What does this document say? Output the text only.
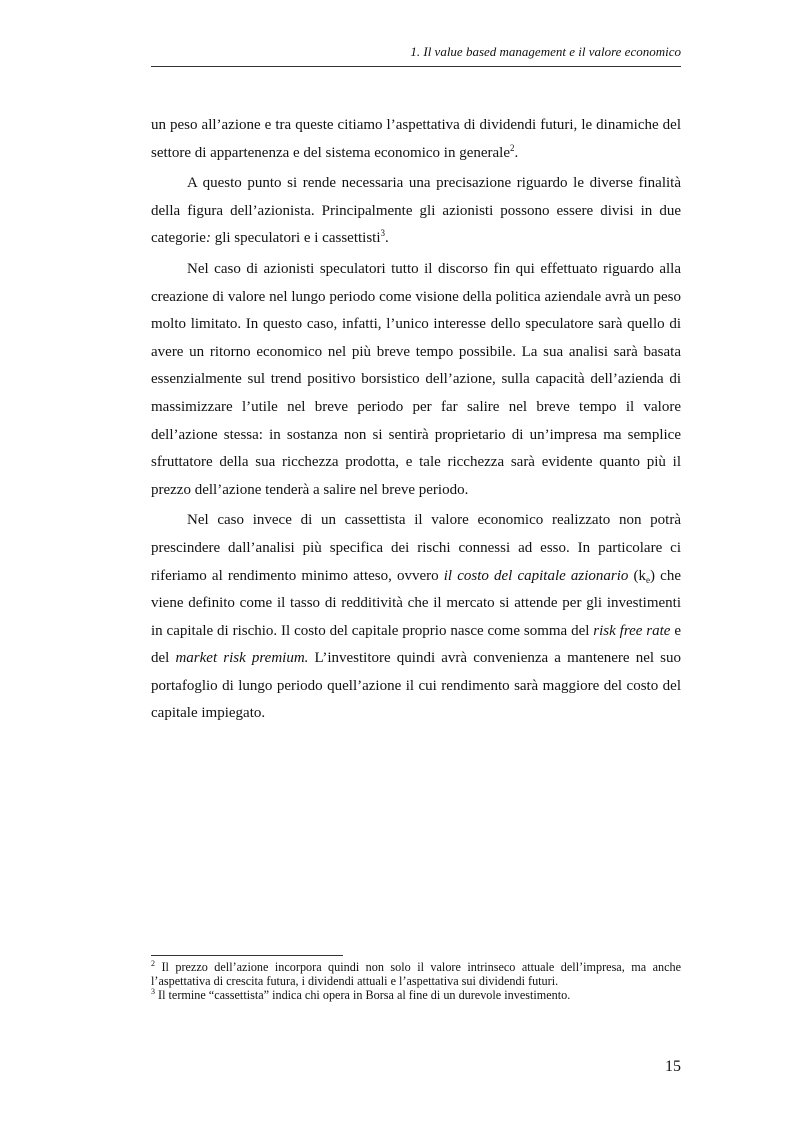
1. Il value based management e il valore economico

un peso all’azione e tra queste citiamo l’aspettativa di dividendi futuri, le dinamiche del settore di appartenenza e del sistema economico in generale$^2$.

A questo punto si rende necessaria una precisazione riguardo le diverse finalità della figura dell’azionista. Principalmente gli azionisti possono essere divisi in due categorie: gli speculatori e i cassettisti$^3$.

Nel caso di azionisti speculatori tutto il discorso fin qui effettuato riguardo alla creazione di valore nel lungo periodo come visione della politica aziendale avrà un peso molto limitato. In questo caso, infatti, l’unico interesse dello speculatore sarà quello di avere un ritorno economico nel più breve tempo possibile. La sua analisi sarà basata essenzialmente sul trend positivo borsistico dell’azione, sulla capacità dell’azienda di massimizzare l’utile nel breve periodo per far salire nel breve tempo il valore dell’azione stessa: in sostanza non si sentirà proprietario di un’impresa ma semplice sfruttatore della sua ricchezza prodotta, e tale ricchezza sarà evidente quanto più il prezzo dell’azione tenderà a salire nel breve periodo.

Nel caso invece di un cassettista il valore economico realizzato non potrà prescindere dall’analisi più specifica dei rischi connessi ad esso. In particolare ci riferiamo al rendimento minimo atteso, ovvero il costo del capitale azionario $(k_e)$ che viene definito come il tasso di redditività che il mercato si attende per gli investimenti in capitale di rischio. Il costo del capitale proprio nasce come somma del risk free rate e del market risk premium. L’investitore quindi avrà convenienza a mantenere nel suo portafoglio di lungo periodo quell’azione il cui rendimento sarà maggiore del costo del capitale impiegato.

$^2$ Il prezzo dell’azione incorpora quindi non solo il valore intrinseco attuale dell’impresa, ma anche l’aspettativa di crescita futura, i dividendi attuali e l’aspettativa sui dividendi futuri.

$^3$ Il termine “cassettista” indica chi opera in Borsa al fine di un durevole investimento.

15
